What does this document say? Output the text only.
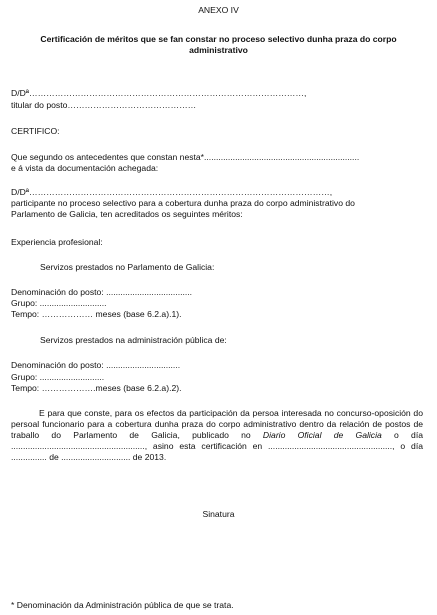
ANEXO IV
Certificación de méritos que se fan constar no proceso selectivo dunha praza do corpo
administrativo
D/Dª……………………………………………………………………………………,
titular do posto………………………………………
CERTIFICO:
Que segundo os antecedentes que constan nesta*.................................................................
e á vista da documentación achegada:
D/Dª……………………………………………………………………………………………,
participante no proceso selectivo para a cobertura dunha praza do corpo administrativo do
Parlamento de Galicia, ten acreditados os seguintes méritos:
Experiencia profesional:
Servizos prestados no Parlamento de Galicia:
Denominación do posto: ....................................
Grupo: ............................
Tempo: ……………… meses (base 6.2.a).1).
Servizos prestados na administración pública de:
Denominación do posto: ...............................
Grupo: ...........................
Tempo: ……………….meses (base 6.2.a).2).
E para que conste, para os efectos da participación da persoa interesada no concurso-oposición do persoal funcionario para a cobertura dunha praza do corpo administrativo dentro da relación de postos de traballo do Parlamento de Galicia, publicado no Diario Oficial de Galicia o día ........................................................, asino esta certificación en ...................................................., o día ............... de ............................. de 2013.
Sinatura
* Denominación da Administración pública de que se trata.
